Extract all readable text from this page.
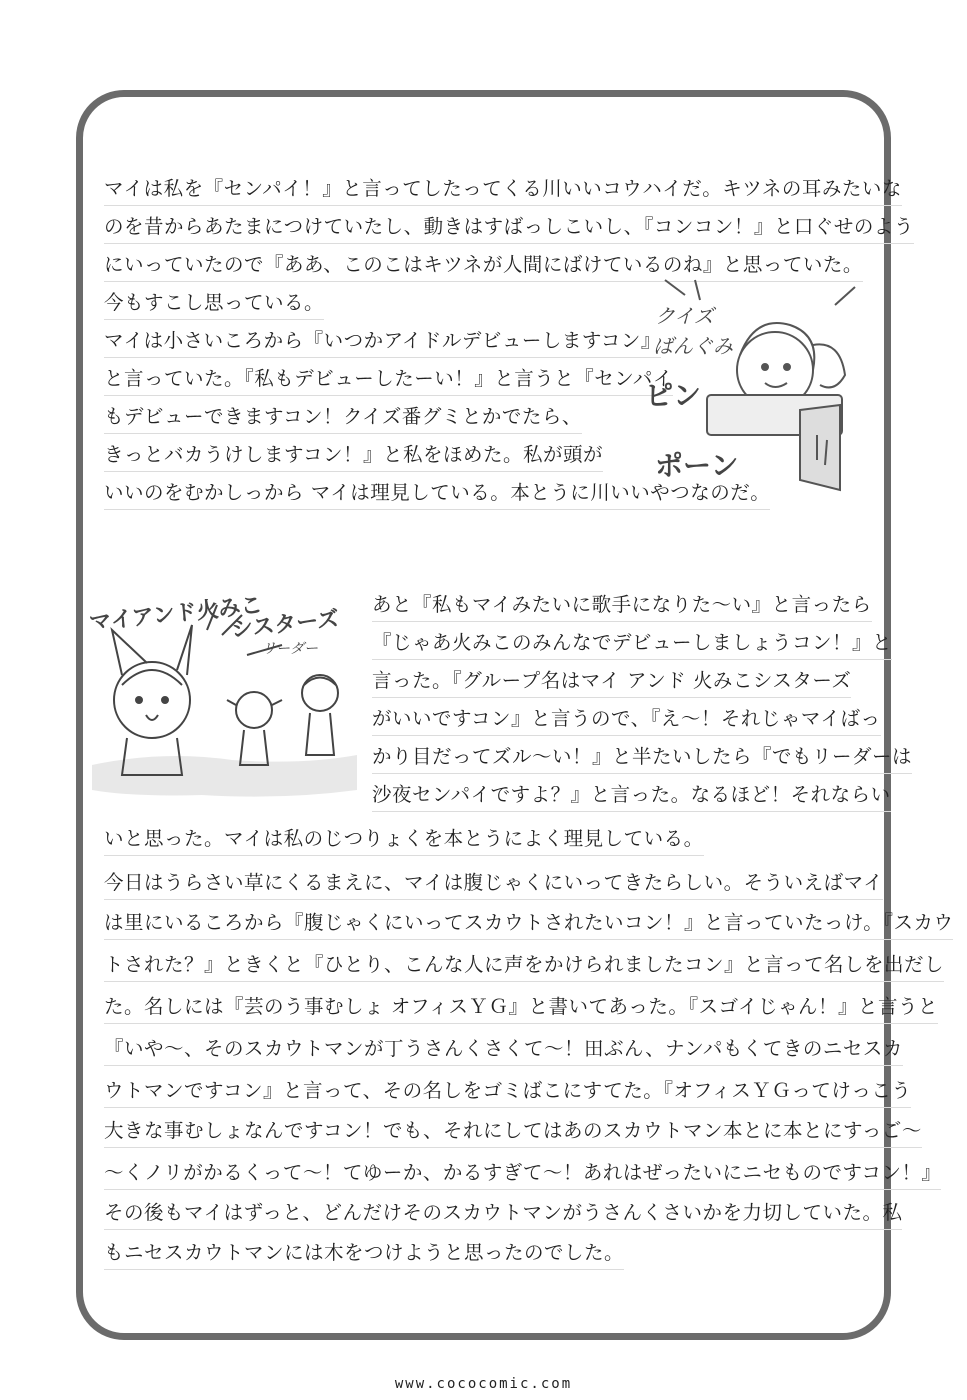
マイは私を『センパイ！』と言ってしたってくる川いいコウハイだ。キツネの耳みたいな
のを昔からあたまにつけていたし、動きはすばっしこいし、『コンコン！』と口ぐせのよう
にいっていたので『ああ、このこはキツネが人間にばけているのね』と思っていた。
今もすこし思っている。
マイは小さいころから『いつかアイドルデビューしますコン』
と言っていた。『私もデビューしたーい！』と言うと『センパイ
もデビューできますコン！クイズ番グミとかでたら、
きっとバカうけしますコン！』と私をほめた。私が頭が
いいのをむかしっから マイは理見している。本とうに川いいやつなのだ。
クイズ
ばんぐみ
ピン
ポーン
あと『私もマイみたいに歌手になりた～い』と言ったら
『じゃあ火みこのみんなでデビューしましょうコン！』と
言った。『グループ名はマイ アンド 火みこシスターズ
がいいですコン』と言うので、『え～！それじゃマイばっ
かり目だってズル～い！』と半たいしたら『でもリーダーは
沙夜センパイですよ？』と言った。なるほど！それならい
いと思った。マイは私のじつりょくを本とうによく理見している。
今日はうらさい草にくるまえに、マイは腹じゃくにいってきたらしい。そういえばマイ
は里にいるころから『腹じゃくにいってスカウトされたいコン！』と言っていたっけ。『スカウ
トされた？』ときくと『ひとり、こんな人に声をかけられましたコン』と言って名しを出だし
た。名しには『芸のう事むしょ オフィスＹＧ』と書いてあった。『スゴイじゃん！』と言うと
『いや～、そのスカウトマンが丁うさんくさくて～！田ぶん、ナンパもくてきのニセスカ
ウトマンですコン』と言って、その名しをゴミばこにすてた。『オフィスＹＧってけっこう
大きな事むしょなんですコン！でも、それにしてはあのスカウトマン本とに本とにすっご～
～くノリがかるくって～！てゆーか、かるすぎて～！あれはぜったいにニセものですコン！』
その後もマイはずっと、どんだけそのスカウトマンがうさんくさいかを力切していた。私
もニセスカウトマンには木をつけようと思ったのでした。
マイアンド火みこ
シスターズ
リーダー
www.cococomic.com
